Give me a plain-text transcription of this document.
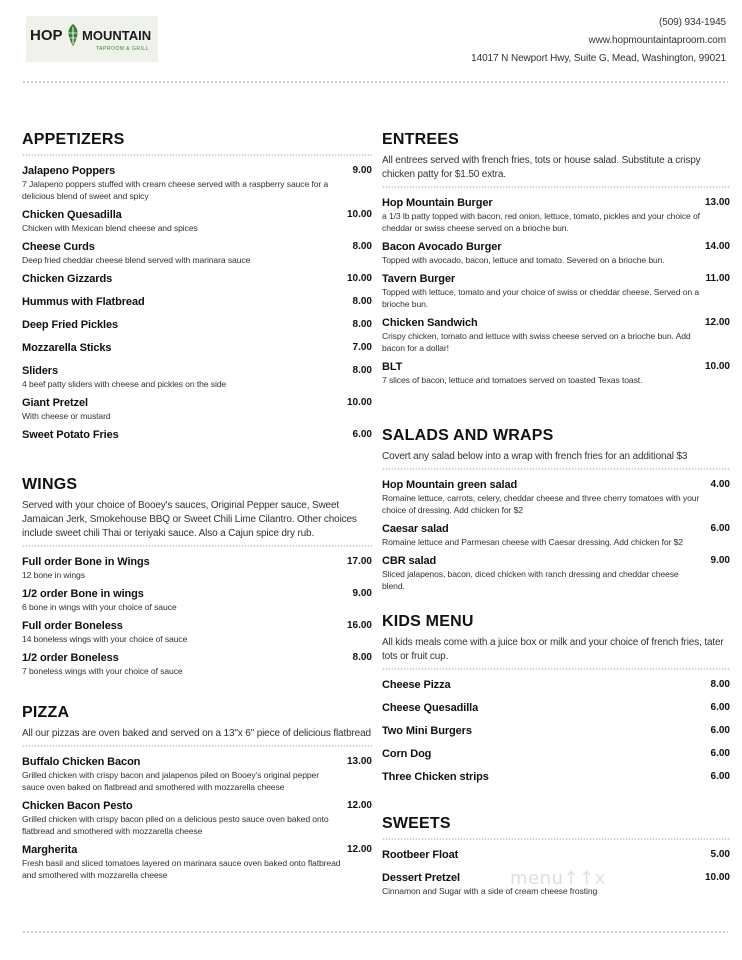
HOP MOUNTAIN
TAPROOM & GRILL
(509) 934-1945
www.hopmountaintaproom.com
14017 N Newport Hwy, Suite G, Mead, Washington, 99021
APPETIZERS
Jalapeno Poppers	9.00
7 Jalapeno poppers stuffed with cream cheese served with a raspberry sauce for a delicious blend of sweet and spicy
Chicken Quesadilla	10.00
Chicken with Mexican blend cheese and spices
Cheese Curds	8.00
Deep fried cheddar cheese blend served with marinara sauce
Chicken Gizzards	10.00
Hummus with Flatbread	8.00
Deep Fried Pickles	8.00
Mozzarella Sticks	7.00
Sliders	8.00
4 beef patty sliders with cheese and pickles on the side
Giant Pretzel	10.00
With cheese or mustard
Sweet Potato Fries	6.00
WINGS
Served with your choice of Booey's sauces, Original Pepper sauce, Sweet Jamaican Jerk, Smokehouse BBQ or Sweet Chili Lime Cilantro. Other choices include sweet chili Thai or teriyaki sauce. Also a Cajun spice dry rub.
Full order Bone in Wings	17.00
12 bone in wings
1/2 order Bone in wings	9.00
6 bone in wings with your choice of sauce
Full order Boneless	16.00
14 boneless wings with your choice of sauce
1/2 order Boneless	8.00
7 boneless wings with your choice of sauce
PIZZA
All our pizzas are oven baked and served on a 13"x 6" piece of delicious flatbread
Buffalo Chicken Bacon	13.00
Grilled chicken with crispy bacon and jalapenos piled on Booey's original pepper sauce oven baked on flatbread and smothered with mozzarella cheese
Chicken Bacon Pesto	12.00
Grilled chicken with crispy bacon piled on a delicious pesto sauce oven baked onto flatbread and smothered with mozzarella cheese
Margherita	12.00
Fresh basil and sliced tomatoes layered on marinara sauce oven baked onto flatbread and smothered with mozzarella cheese
ENTREES
All entrees served with french fries, tots or house salad. Substitute a crispy chicken patty for $1.50 extra.
Hop Mountain Burger	13.00
a 1/3 lb patty topped with bacon, red onion, lettuce, tomato, pickles and your choice of cheddar or swiss cheese served on a brioche bun.
Bacon Avocado Burger	14.00
Topped with avocado, bacon, lettuce and tomato. Severed on a brioche bun.
Tavern Burger	11.00
Topped with lettuce, tomato and your choice of swiss or cheddar cheese. Served on a brioche bun.
Chicken Sandwich	12.00
Crispy chicken, tomato and lettuce with swiss cheese served on a brioche bun. Add bacon for a dollar!
BLT	10.00
7 slices of bacon, lettuce and tomatoes served on toasted Texas toast.
SALADS AND WRAPS
Covert any salad below into a wrap with french fries for an additional $3
Hop Mountain green salad	4.00
Romaine lettuce, carrots, celery, cheddar cheese and three cherry tomatoes with your choice of dressing. Add chicken for $2
Caesar salad	6.00
Romaine lettuce and Parmesan cheese with Caesar dressing. Add chicken for $2
CBR salad	9.00
Sliced jalapenos, bacon, diced chicken with ranch dressing and cheddar cheese blend.
KIDS MENU
All kids meals come with a juice box or milk and your choice of french fries, tater tots or fruit cup.
Cheese Pizza	8.00
Cheese Quesadilla	6.00
Two Mini Burgers	6.00
Corn Dog	6.00
Three Chicken strips	6.00
SWEETS
Rootbeer Float	5.00
Dessert Pretzel	10.00
Cinnamon and Sugar with a side of cream cheese frosting
menu↑↑x
